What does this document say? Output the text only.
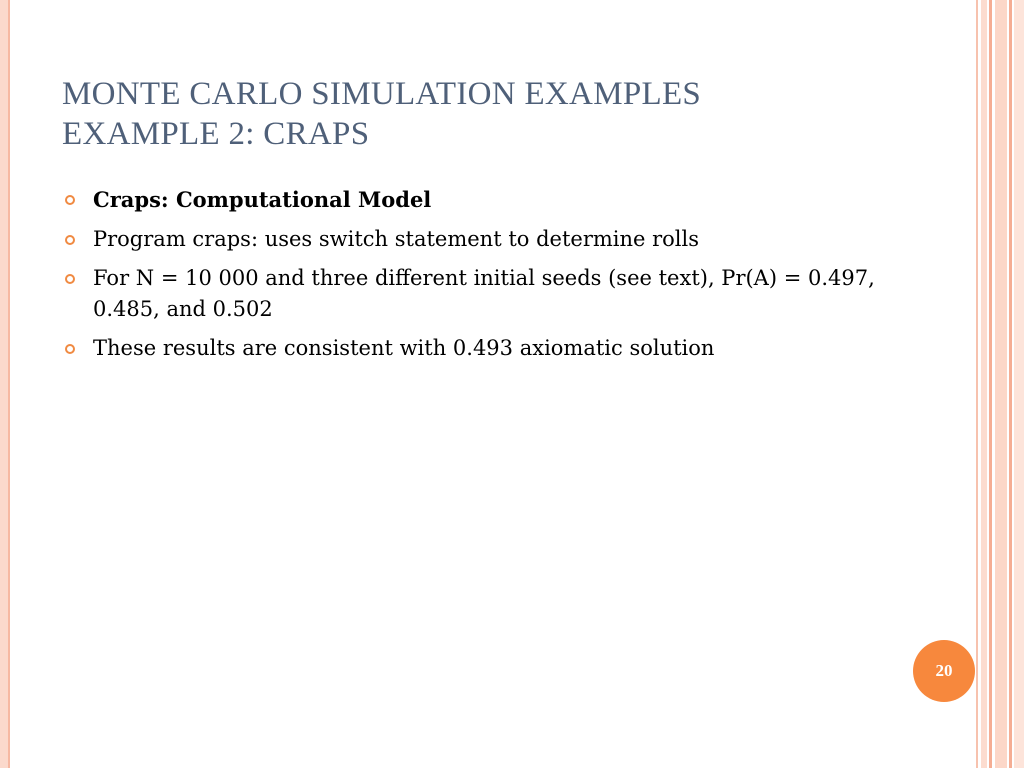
MONTE CARLO SIMULATION EXAMPLES
EXAMPLE 2: CRAPS
Craps: Computational Model
Program craps: uses switch statement to determine rolls
For N = 10 000 and three different initial seeds (see text), Pr(A) = 0.497, 0.485, and 0.502
These results are consistent with 0.493 axiomatic solution
20
